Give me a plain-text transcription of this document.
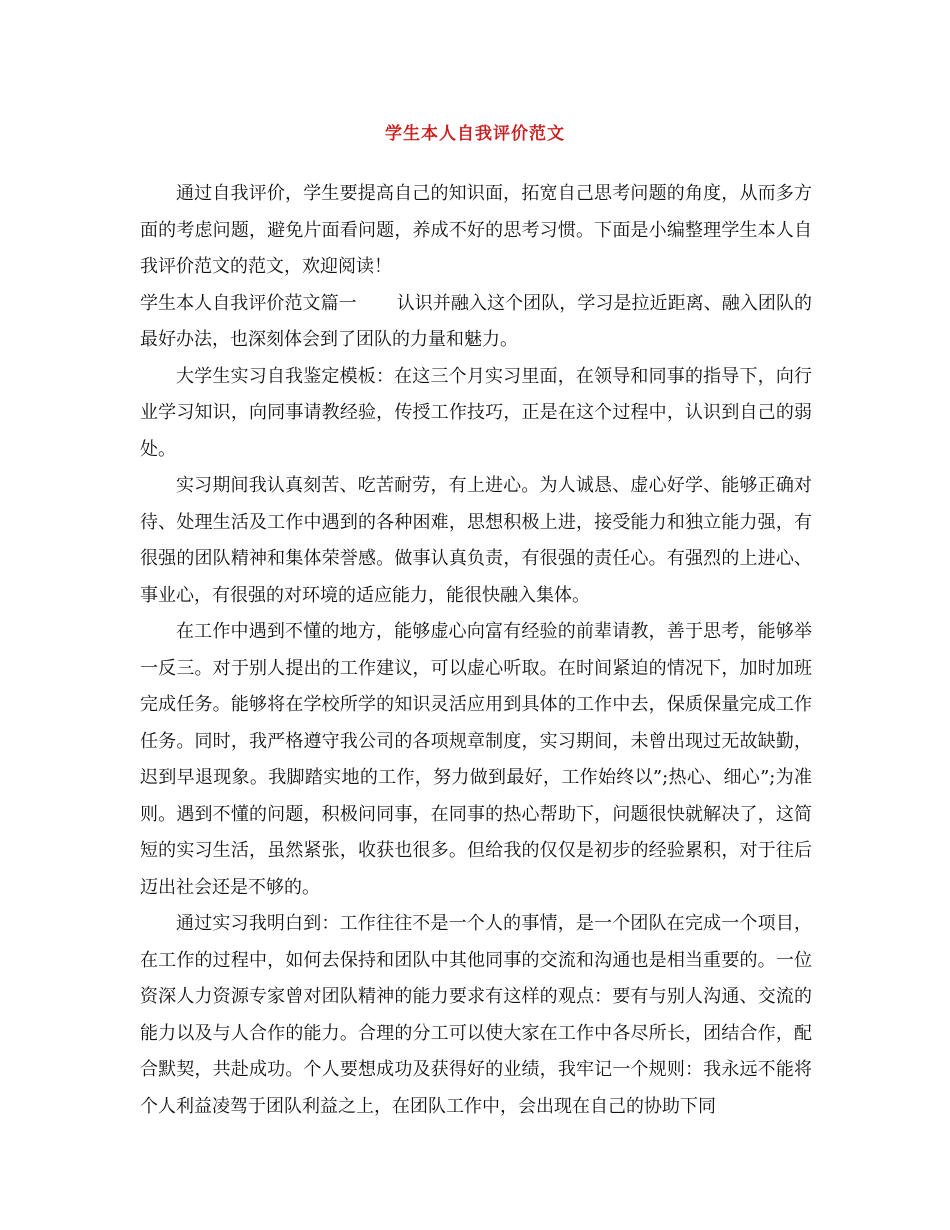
学生本人自我评价范文

通过自我评价，学生要提高自己的知识面，拓宽自己思考问题的角度，从而多方面的考虑问题，避免片面看问题，养成不好的思考习惯。下面是小编整理学生本人自我评价范文的范文，欢迎阅读！

学生本人自我评价范文篇一 认识并融入这个团队，学习是拉近距离、融入团队的最好办法，也深刻体会到了团队的力量和魅力。

大学生实习自我鉴定模板：在这三个月实习里面，在领导和同事的指导下，向行业学习知识，向同事请教经验，传授工作技巧，正是在这个过程中，认识到自己的弱处。

实习期间我认真刻苦、吃苦耐劳，有上进心。为人诚恳、虚心好学、能够正确对待、处理生活及工作中遇到的各种困难，思想积极上进，接受能力和独立能力强，有很强的团队精神和集体荣誉感。做事认真负责，有很强的责任心。有强烈的上进心、事业心，有很强的对环境的适应能力，能很快融入集体。

在工作中遇到不懂的地方，能够虚心向富有经验的前辈请教，善于思考，能够举一反三。对于别人提出的工作建议，可以虚心听取。在时间紧迫的情况下，加时加班完成任务。能够将在学校所学的知识灵活应用到具体的工作中去，保质保量完成工作任务。同时，我严格遵守我公司的各项规章制度，实习期间，未曾出现过无故缺勤，迟到早退现象。我脚踏实地的工作，努力做到最好，工作始终以”;热心、细心”;为准则。遇到不懂的问题，积极问同事，在同事的热心帮助下，问题很快就解决了，这简短的实习生活，虽然紧张，收获也很多。但给我的仅仅是初步的经验累积，对于往后迈出社会还是不够的。

通过实习我明白到：工作往往不是一个人的事情，是一个团队在完成一个项目，在工作的过程中，如何去保持和团队中其他同事的交流和沟通也是相当重要的。一位资深人力资源专家曾对团队精神的能力要求有这样的观点：要有与别人沟通、交流的能力以及与人合作的能力。合理的分工可以使大家在工作中各尽所长，团结合作，配合默契，共赴成功。个人要想成功及获得好的业绩，我牢记一个规则：我永远不能将个人利益凌驾于团队利益之上，在团队工作中，会出现在自己的协助下同
